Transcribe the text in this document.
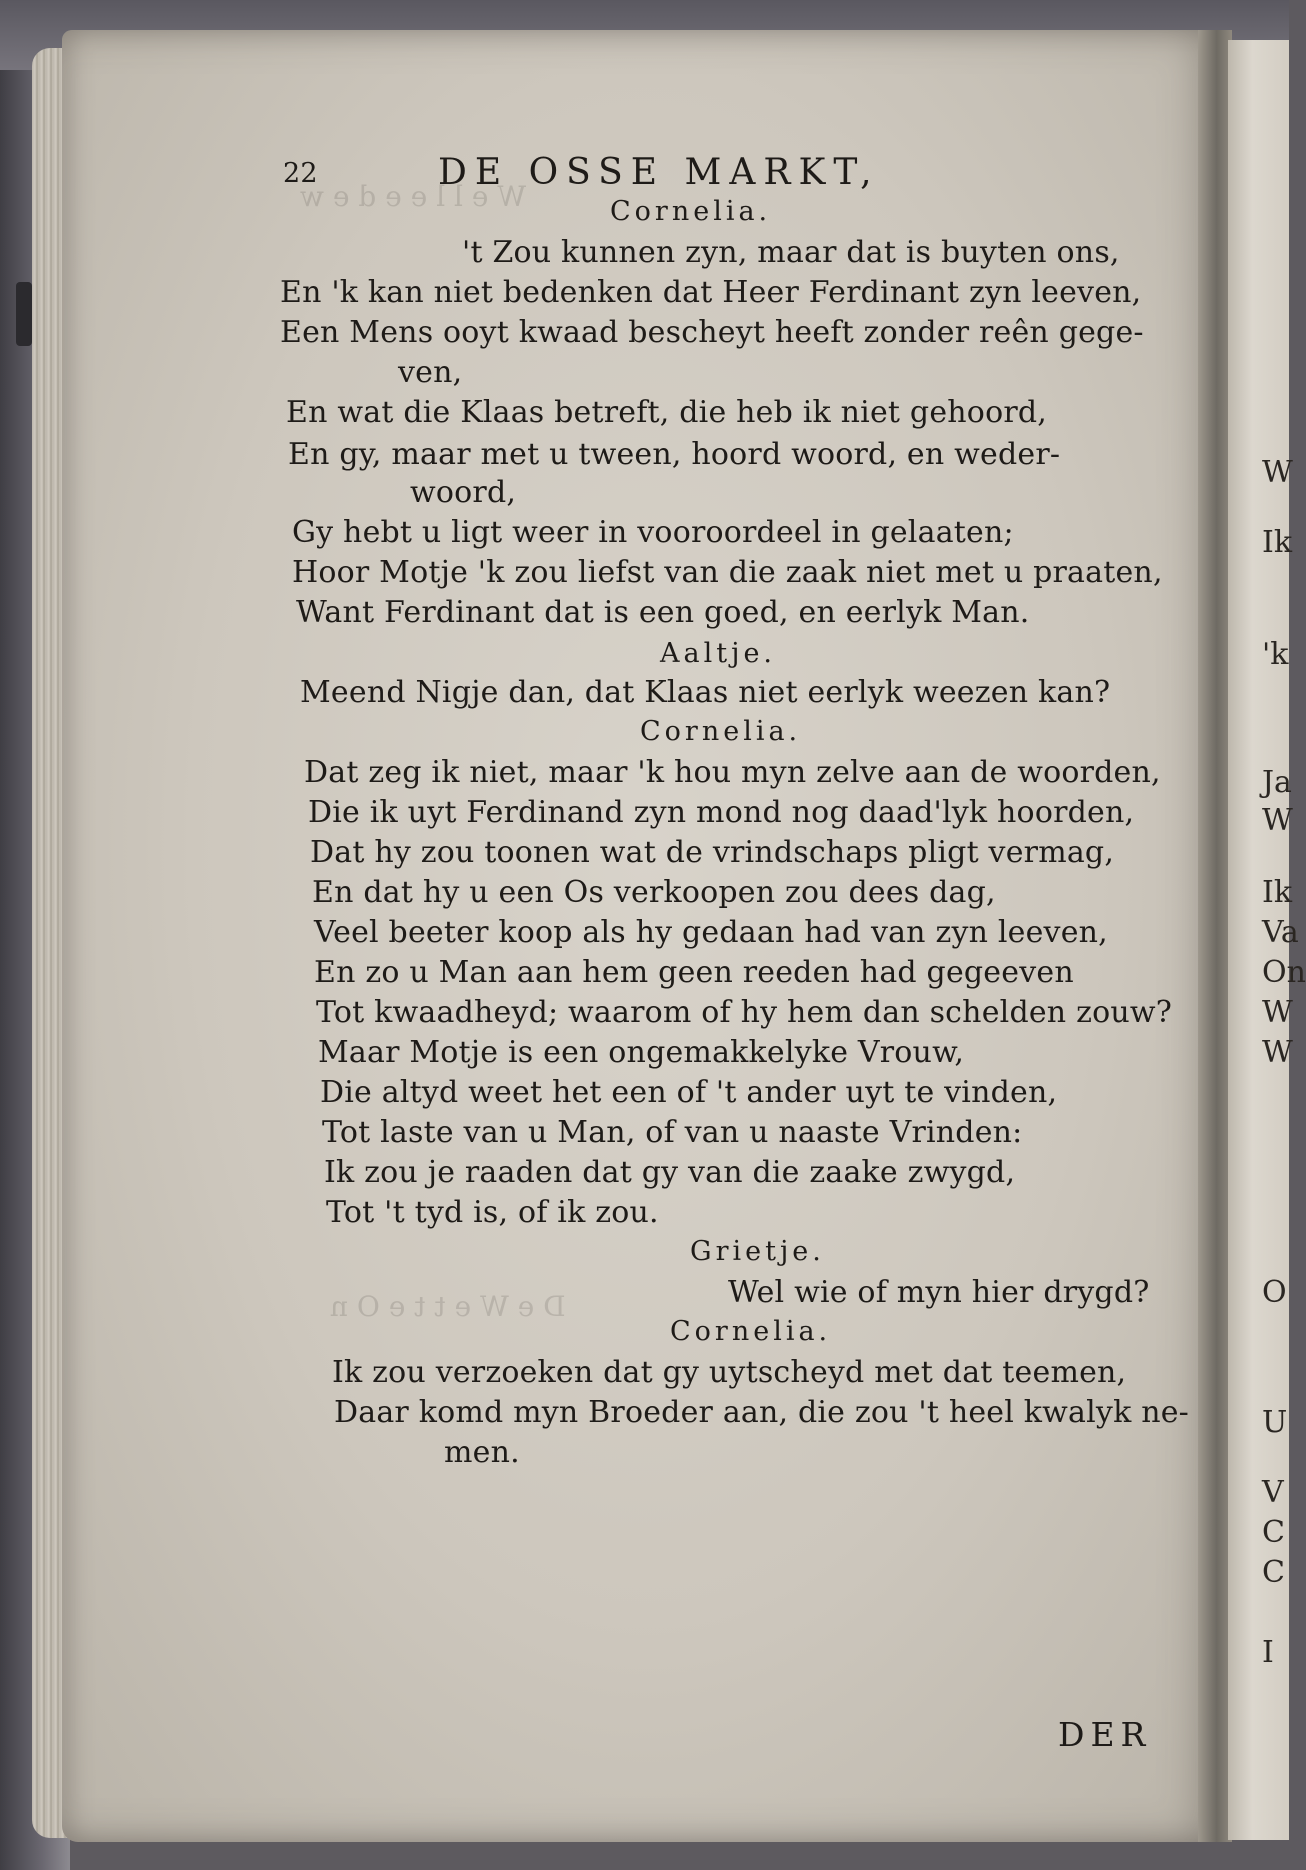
W e l l e e d e w
D e W e t t e O n
22	DE OSSE MARKT,
Cornelia.
't Zou kunnen zyn, maar dat is buyten ons,
En 'k kan niet bedenken dat Heer Ferdinant zyn leeven,
Een Mens ooyt kwaad bescheyt heeft zonder reên gege-
ven,
En wat die Klaas betreft, die heb ik niet gehoord,
En gy, maar met u tween, hoord woord, en weder-
woord,
Gy hebt u ligt weer in vooroordeel in gelaaten;
Hoor Motje 'k zou liefst van die zaak niet met u praaten,
Want Ferdinant dat is een goed, en eerlyk Man.
Aaltje.
Meend Nigje dan, dat Klaas niet eerlyk weezen kan?
Cornelia.
Dat zeg ik niet, maar 'k hou myn zelve aan de woorden,
Die ik uyt Ferdinand zyn mond nog daad'lyk hoorden,
Dat hy zou toonen wat de vrindschaps pligt vermag,
En dat hy u een Os verkoopen zou dees dag,
Veel beeter koop als hy gedaan had van zyn leeven,
En zo u Man aan hem geen reeden had gegeeven
Tot kwaadheyd; waarom of hy hem dan schelden zouw?
Maar Motje is een ongemakkelyke Vrouw,
Die altyd weet het een of 't ander uyt te vinden,
Tot laste van u Man, of van u naaste Vrinden:
Ik zou je raaden dat gy van die zaake zwygd,
Tot 't tyd is, of ik zou.
Grietje.
Wel wie of myn hier drygd?
Cornelia.
Ik zou verzoeken dat gy uytscheyd met dat teemen,
Daar komd myn Broeder aan, die zou 't heel kwalyk ne-
men.
DER
W
Ik
'k
Ja
W
Ik
Va
On
W
W
O
U
V
C
C
I
